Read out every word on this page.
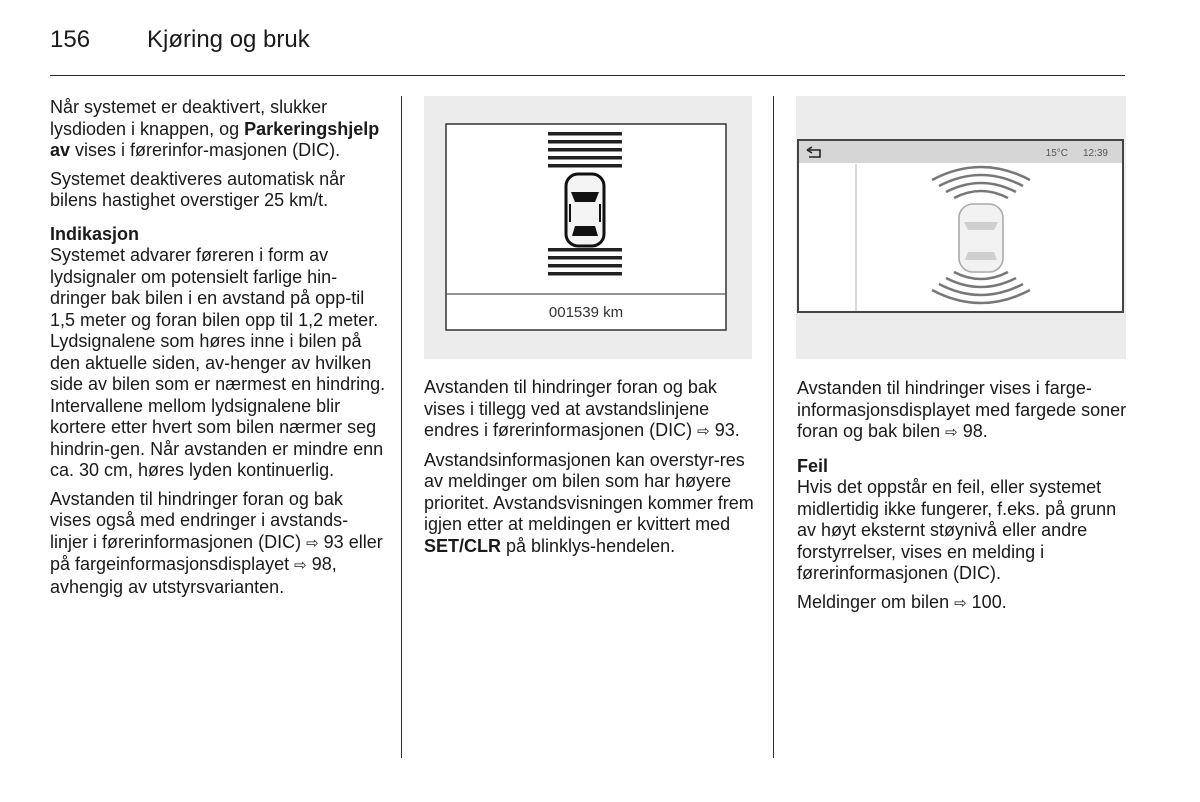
156 Kjøring og bruk

Når systemet er deaktivert, slukker lysdioden i knappen, og Parkeringshjelp av vises i førerinfor-masjonen (DIC).

Systemet deaktiveres automatisk når bilens hastighet overstiger 25 km/t.

Indikasjon

Systemet advarer føreren i form av lydsignaler om potensielt farlige hin-dringer bak bilen i en avstand på opp-til 1,5 meter og foran bilen opp til 1,2 meter. Lydsignalene som høres inne i bilen på den aktuelle siden, av-henger av hvilken side av bilen som er nærmest en hindring. Intervallene mellom lydsignalene blir kortere etter hvert som bilen nærmer seg hindrin-gen. Når avstanden er mindre enn ca. 30 cm, høres lyden kontinuerlig.

Avstanden til hindringer foran og bak vises også med endringer i avstands-linjer i førerinformasjonen (DIC) ⇨ 93 eller på fargeinformasjonsdisplayet ⇨ 98, avhengig av utstyrsvarianten.

001539 km

Avstanden til hindringer foran og bak vises i tillegg ved at avstandslinjene endres i førerinformasjonen (DIC) ⇨ 93.

Avstandsinformasjonen kan overstyr-res av meldinger om bilen som har høyere prioritet. Avstandsvisningen kommer frem igjen etter at meldingen er kvittert med SET/CLR på blinklys-hendelen.

15°C 12:39

Avstanden til hindringer vises i farge-informasjonsdisplayet med fargede soner foran og bak bilen ⇨ 98.

Feil

Hvis det oppstår en feil, eller systemet midlertidig ikke fungerer, f.eks. på grunn av høyt eksternt støynivå eller andre forstyrrelser, vises en melding i førerinformasjonen (DIC).

Meldinger om bilen ⇨ 100.
